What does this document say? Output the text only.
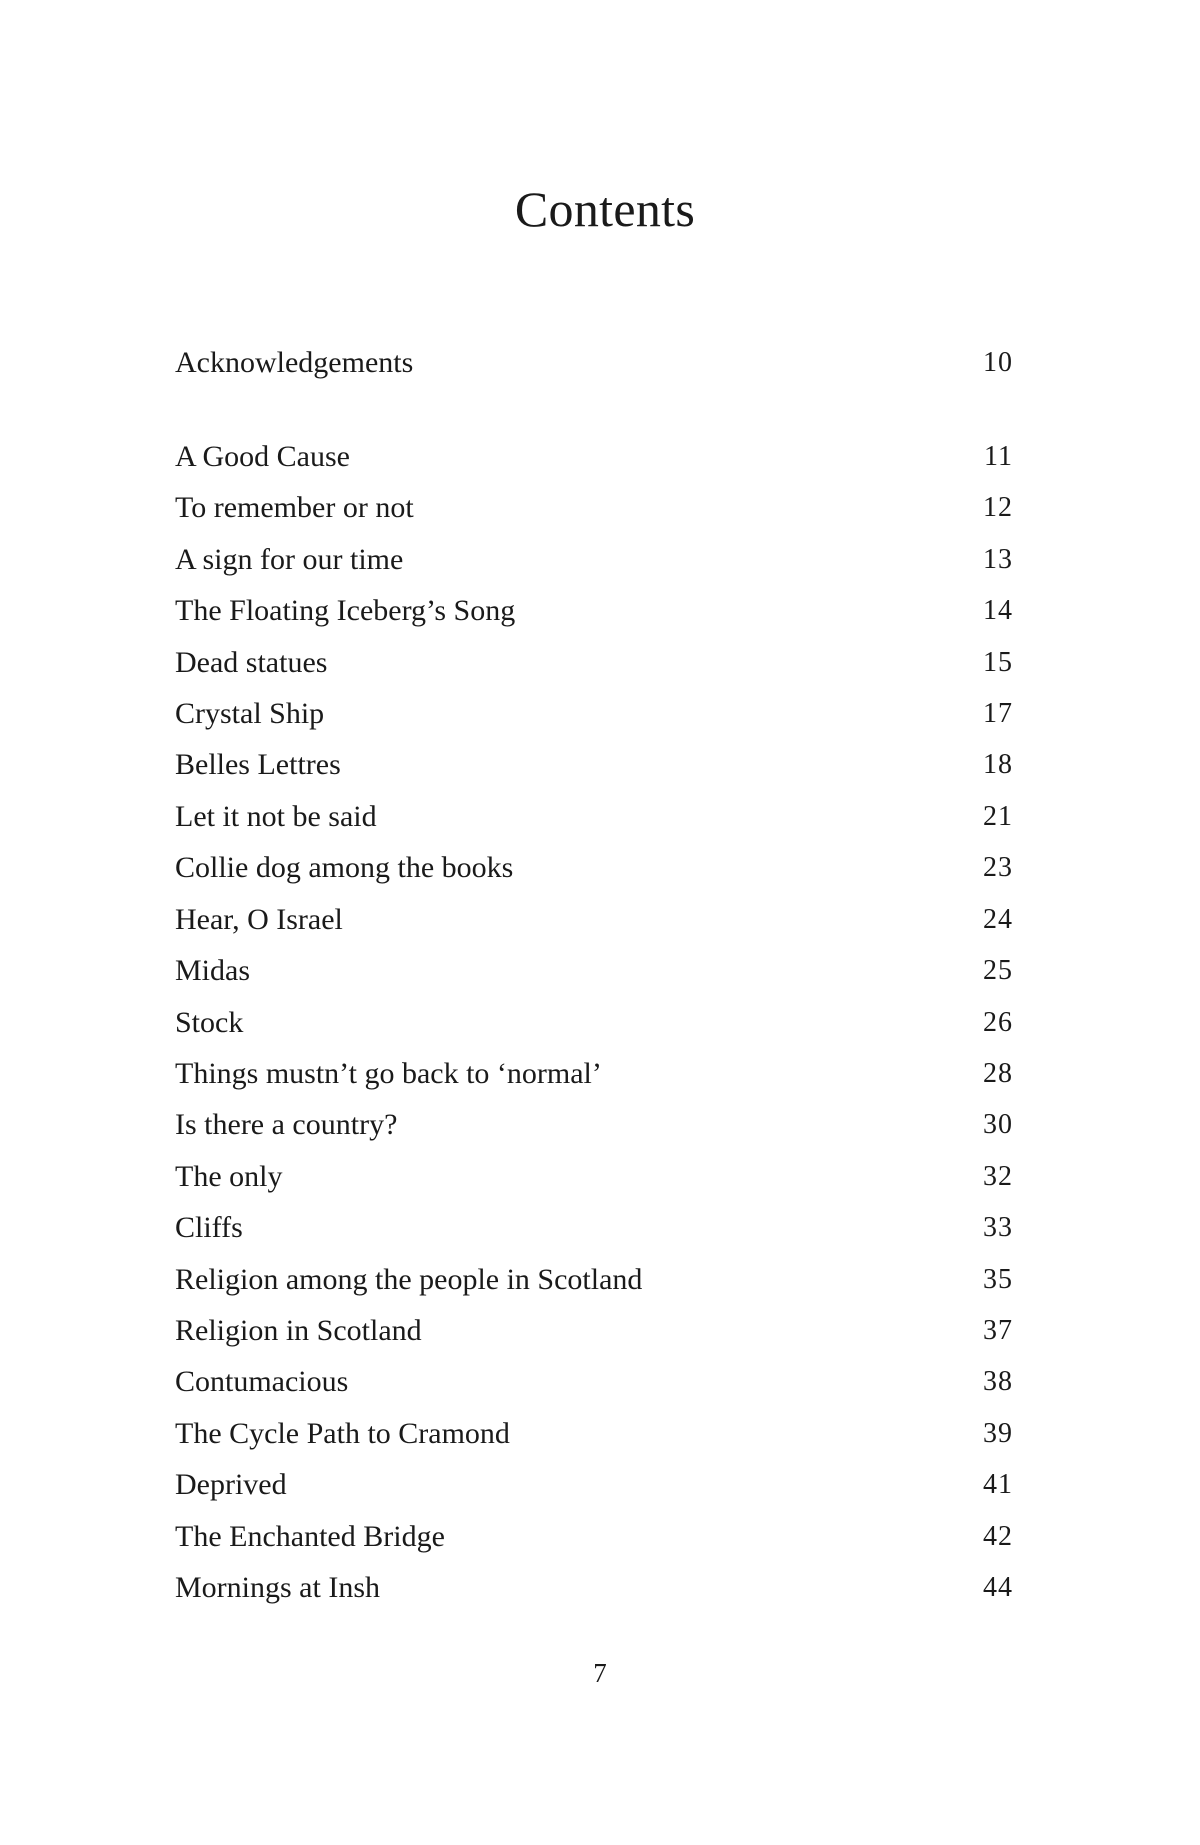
Contents
Acknowledgements	10
A Good Cause	11
To remember or not	12
A sign for our time	13
The Floating Iceberg’s Song	14
Dead statues	15
Crystal Ship	17
Belles Lettres	18
Let it not be said	21
Collie dog among the books	23
Hear, O Israel	24
Midas	25
Stock	26
Things mustn’t go back to ‘normal’	28
Is there a country?	30
The only	32
Cliffs	33
Religion among the people in Scotland	35
Religion in Scotland	37
Contumacious	38
The Cycle Path to Cramond	39
Deprived	41
The Enchanted Bridge	42
Mornings at Insh	44
7
